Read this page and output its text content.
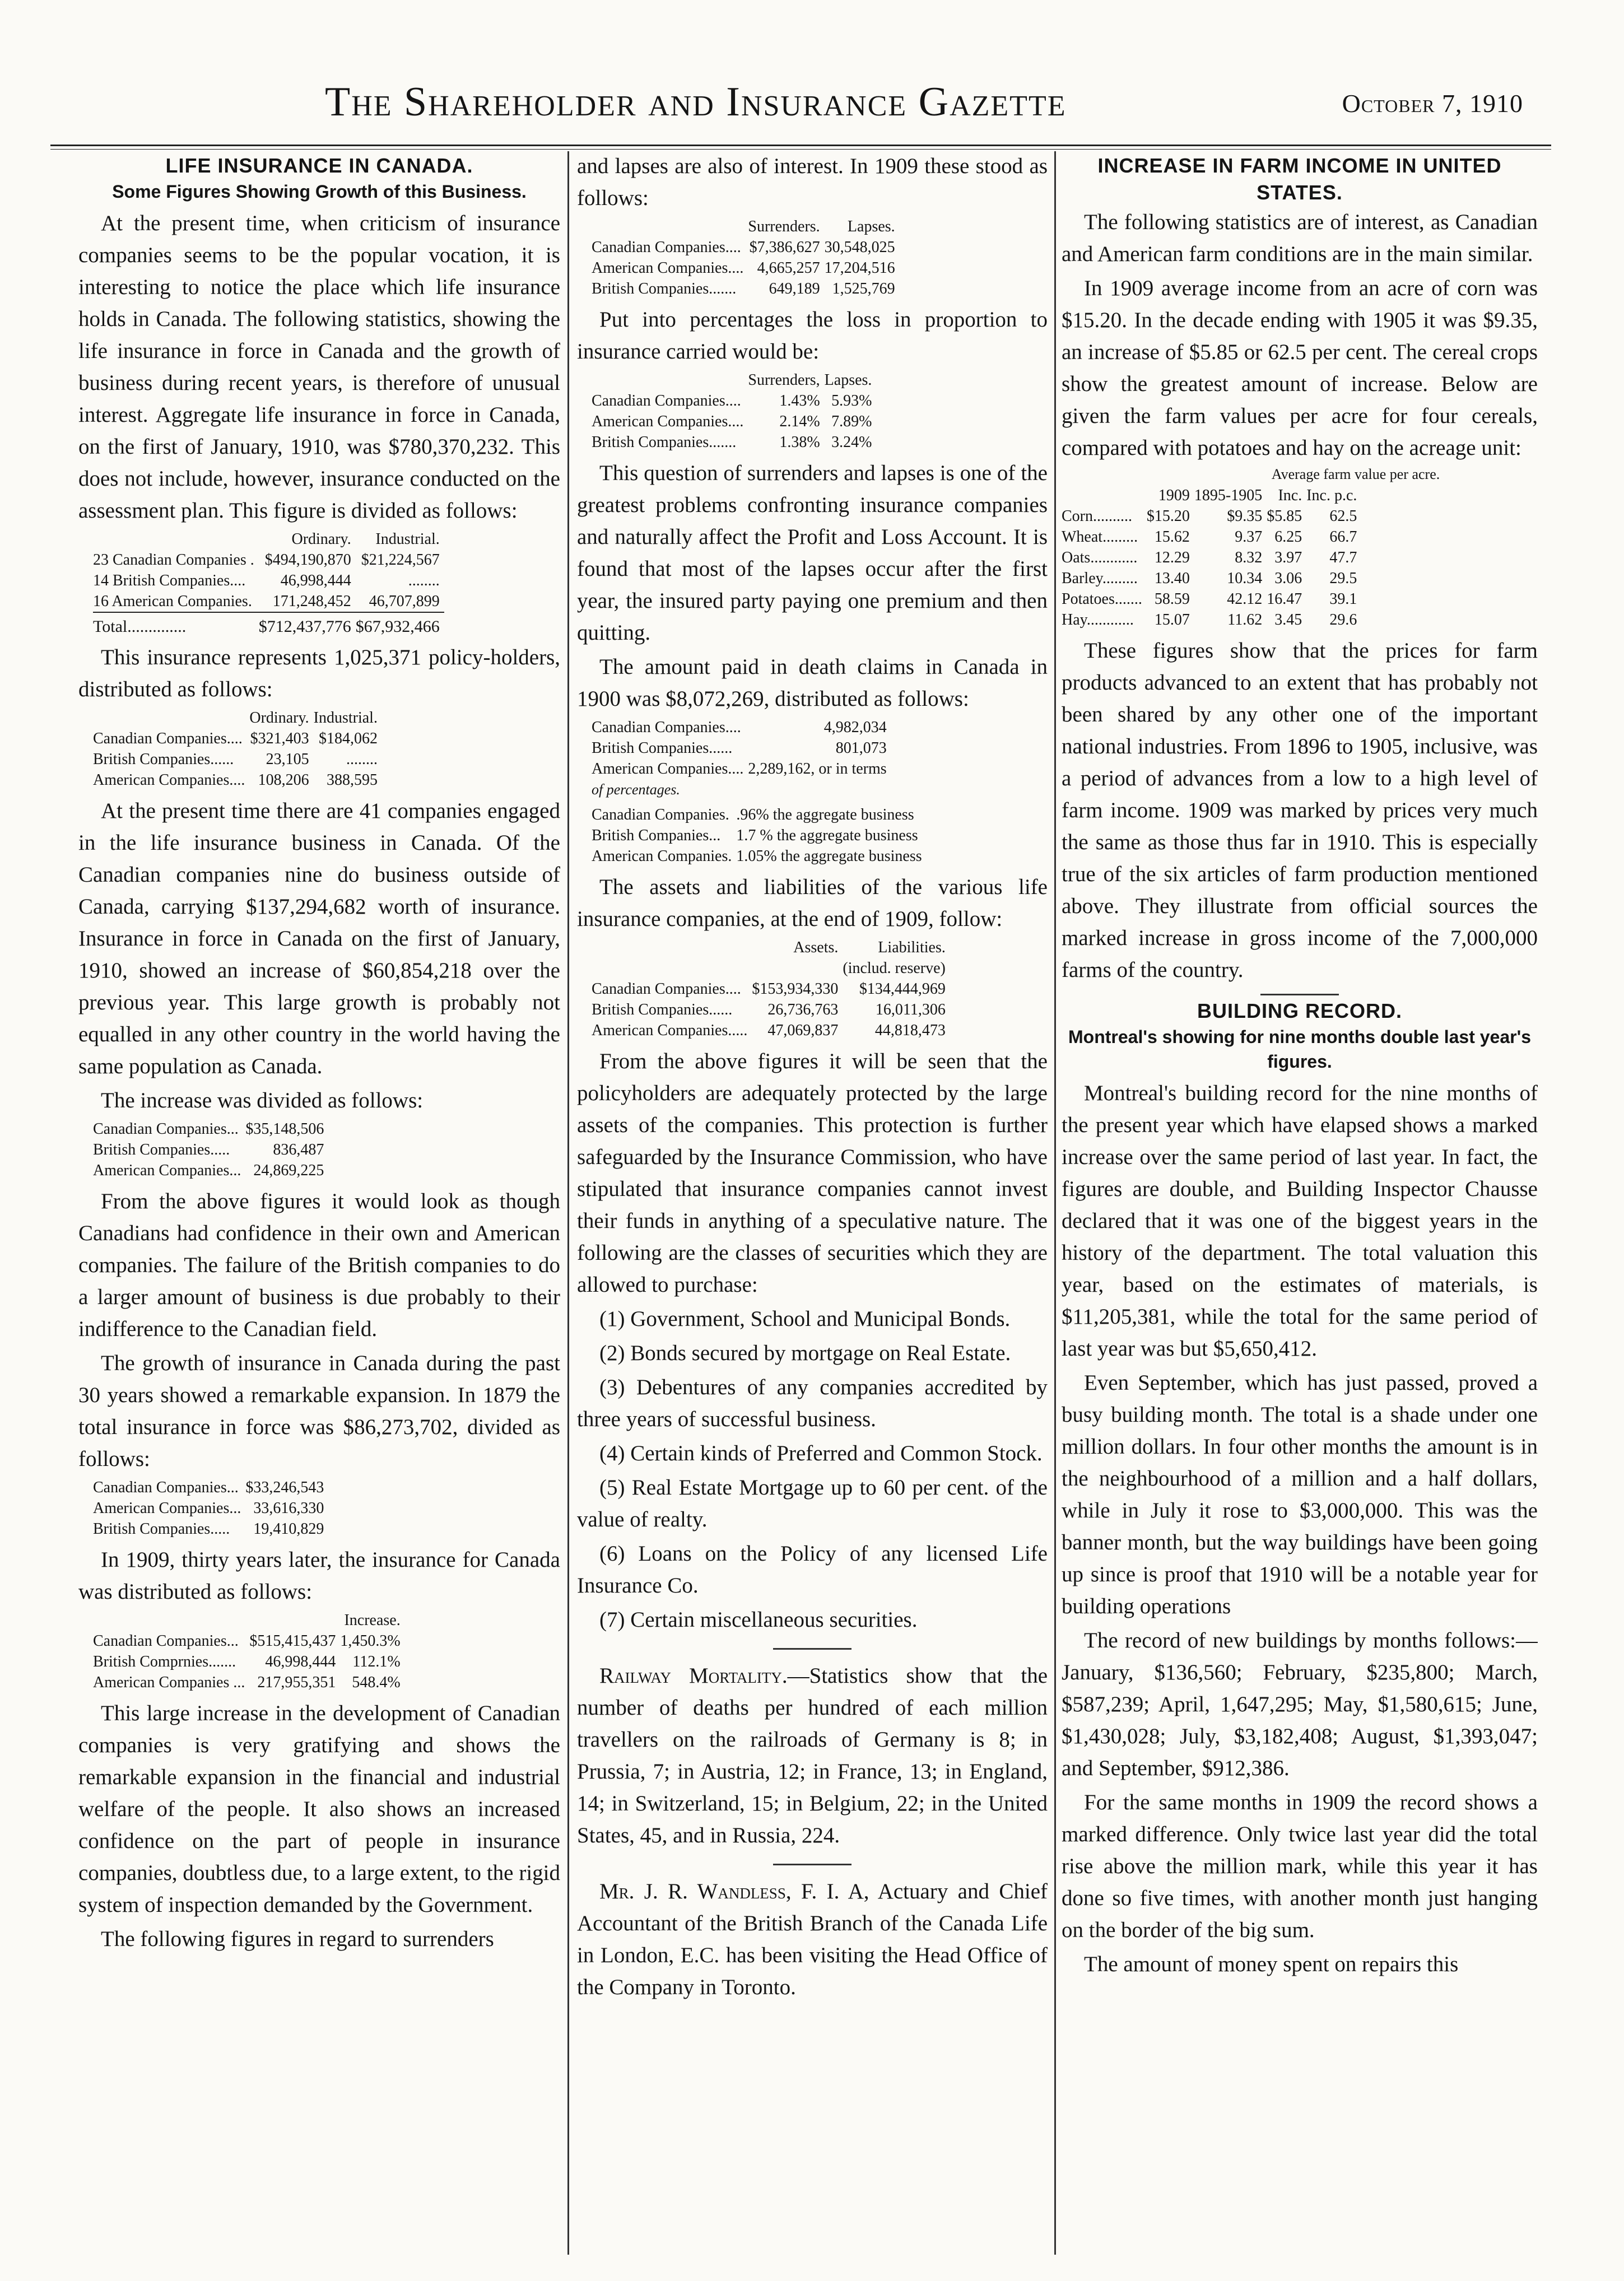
The Shareholder and Insurance Gazette	October 7, 1910
LIFE INSURANCE IN CANADA.
Some Figures Showing Growth of this Business.

At the present time, when criticism of insurance companies seems to be the popular vocation, it is interesting to notice the place which life insurance holds in Canada. The following statistics, showing the life insurance in force in Canada and the growth of business during recent years, is therefore of unusual interest. Aggregate life insurance in force in Canada, on the first of January, 1910, was $780,370,232. This does not include, however, insurance conducted on the assessment plan. This figure is divided as follows:

	Ordinary.	Industrial.
23 Canadian Companies .	$494,190,870	$21,224,567
14 British Companies....	46,998,444	........
16 American Companies.	171,248,452	46,707,899
Total..............	$712,437,776	$67,932,466

This insurance represents 1,025,371 policy-holders, distributed as follows:

	Ordinary.	Industrial.
Canadian Companies....	$321,403	$184,062
British Companies......	23,105	........
American Companies....	108,206	388,595

At the present time there are 41 companies engaged in the life insurance business in Canada. Of the Canadian companies nine do business outside of Canada, carrying $137,294,682 worth of insurance. Insurance in force in Canada on the first of January, 1910, showed an increase of $60,854,218 over the previous year. This large growth is probably not equalled in any other country in the world having the same population as Canada.

The increase was divided as follows:

Canadian Companies...	$35,148,506
British Companies.....	836,487
American Companies...	24,869,225

From the above figures it would look as though Canadians had confidence in their own and American companies. The failure of the British companies to do a larger amount of business is due probably to their indifference to the Canadian field.

The growth of insurance in Canada during the past 30 years showed a remarkable expansion. In 1879 the total insurance in force was $86,273,702, divided as follows:

Canadian Companies...	$33,246,543
American Companies...	33,616,330
British Companies.....	19,410,829

In 1909, thirty years later, the insurance for Canada was distributed as follows:

		Increase.
Canadian Companies...	$515,415,437	1,450.3%
British Comprnies.......	46,998,444	112.1%
American Companies ...	217,955,351	548.4%

This large increase in the development of Canadian companies is very gratifying and shows the remarkable expansion in the financial and industrial welfare of the people. It also shows an increased confidence on the part of people in insurance companies, doubtless due, to a large extent, to the rigid system of inspection demanded by the Government.

The following figures in regard to surrenders

and lapses are also of interest. In 1909 these stood as follows:

	Surrenders.	Lapses.
Canadian Companies....	$7,386,627	30,548,025
American Companies....	4,665,257	17,204,516
British Companies.......	649,189	1,525,769

Put into percentages the loss in proportion to insurance carried would be:

	Surrenders,	Lapses.
Canadian Companies....	1.43%	5.93%
American Companies....	2.14%	7.89%
British Companies.......	1.38%	3.24%

This question of surrenders and lapses is one of the greatest problems confronting insurance companies and naturally affect the Profit and Loss Account. It is found that most of the lapses occur after the first year, the insured party paying one premium and then quitting.

The amount paid in death claims in Canada in 1900 was $8,072,269, distributed as follows:

Canadian Companies....	4,982,034
British Companies......	801,073
American Companies....	2,289,162, or in terms
of percentages.	
Canadian Companies.	.96% the aggregate business
British Companies...	1.7 % the aggregate business
American Companies.	1.05% the aggregate business

The assets and liabilities of the various life insurance companies, at the end of 1909, follow:

	Assets.	Liabilities.
		(includ. reserve)
Canadian Companies....	$153,934,330	$134,444,969
British Companies......	26,736,763	16,011,306
American Companies.....	47,069,837	44,818,473

From the above figures it will be seen that the policyholders are adequately protected by the large assets of the companies. This protection is further safeguarded by the Insurance Commission, who have stipulated that insurance companies cannot invest their funds in anything of a speculative nature. The following are the classes of securities which they are allowed to purchase:

(1) Government, School and Municipal Bonds.

(2) Bonds secured by mortgage on Real Estate.

(3) Debentures of any companies accredited by three years of successful business.

(4) Certain kinds of Preferred and Common Stock.

(5) Real Estate Mortgage up to 60 per cent. of the value of realty.

(6) Loans on the Policy of any licensed Life Insurance Co.

(7) Certain miscellaneous securities.

Railway Mortality.—Statistics show that the number of deaths per hundred of each million travellers on the railroads of Germany is 8; in Prussia, 7; in Austria, 12; in France, 13; in England, 14; in Switzerland, 15; in Belgium, 22; in the United States, 45, and in Russia, 224.

Mr. J. R. Wandless, F. I. A, Actuary and Chief Accountant of the British Branch of the Canada Life in London, E.C. has been visiting the Head Office of the Company in Toronto.

INCREASE IN FARM INCOME IN UNITED STATES.

The following statistics are of interest, as Canadian and American farm conditions are in the main similar.

In 1909 average income from an acre of corn was $15.20. In the decade ending with 1905 it was $9.35, an increase of $5.85 or 62.5 per cent. The cereal crops show the greatest amount of increase. Below are given the farm values per acre for four cereals, compared with potatoes and hay on the acreage unit:

Average farm value per acre.
	1909	1895-1905	Inc.	Inc. p.c.
Corn..........	$15.20	$9.35	$5.85	62.5
Wheat.........	15.62	9.37	6.25	66.7
Oats............	12.29	8.32	3.97	47.7
Barley.........	13.40	10.34	3.06	29.5
Potatoes.......	58.59	42.12	16.47	39.1
Hay............	15.07	11.62	3.45	29.6

These figures show that the prices for farm products advanced to an extent that has probably not been shared by any other one of the important national industries. From 1896 to 1905, inclusive, was a period of advances from a low to a high level of farm income. 1909 was marked by prices very much the same as those thus far in 1910. This is especially true of the six articles of farm production mentioned above. They illustrate from official sources the marked increase in gross income of the 7,000,000 farms of the country.

BUILDING RECORD.
Montreal's showing for nine months double last year's figures.

Montreal's building record for the nine months of the present year which have elapsed shows a marked increase over the same period of last year. In fact, the figures are double, and Building Inspector Chausse declared that it was one of the biggest years in the history of the department. The total valuation this year, based on the estimates of materials, is $11,205,381, while the total for the same period of last year was but $5,650,412.

Even September, which has just passed, proved a busy building month. The total is a shade under one million dollars. In four other months the amount is in the neighbourhood of a million and a half dollars, while in July it rose to $3,000,000. This was the banner month, but the way buildings have been going up since is proof that 1910 will be a notable year for building operations

The record of new buildings by months follows:—January, $136,560; February, $235,800; March, $587,239; April, 1,647,295; May, $1,580,615; June, $1,430,028; July, $3,182,408; August, $1,393,047; and September, $912,386.

For the same months in 1909 the record shows a marked difference. Only twice last year did the total rise above the million mark, while this year it has done so five times, with another month just hanging on the border of the big sum.

The amount of money spent on repairs this
